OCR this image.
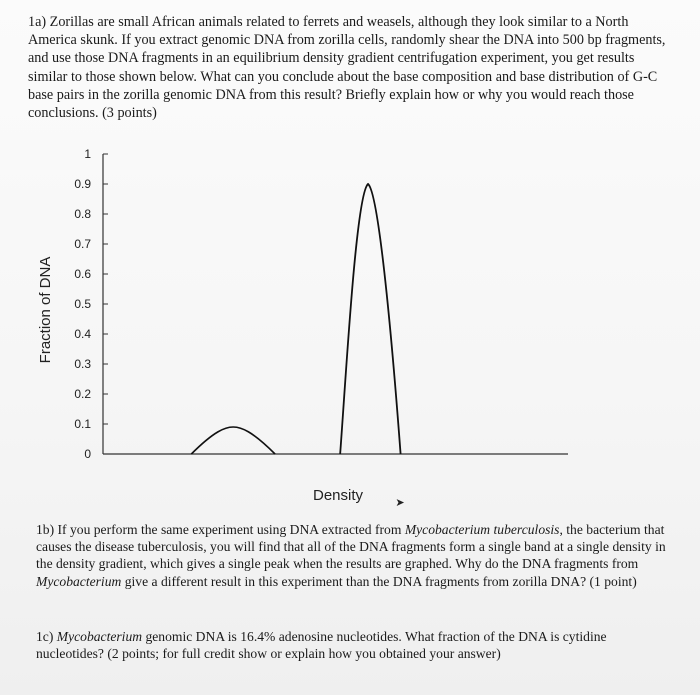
1a) Zorillas are small African animals related to ferrets and weasels, although they look similar to a North America skunk. If you extract genomic DNA from zorilla cells, randomly shear the DNA into 500 bp fragments, and use those DNA fragments in an equilibrium density gradient centrifugation experiment, you get results similar to those shown below. What can you conclude about the base composition and base distribution of G-C base pairs in the zorilla genomic DNA from this result? Briefly explain how or why you would reach those conclusions. (3 points)

0
0.1
0.2
0.3
0.4
0.5
0.6
0.7
0.8
0.9
1
Fraction of DNA
Density	➤

1b) If you perform the same experiment using DNA extracted from Mycobacterium tuberculosis, the bacterium that causes the disease tuberculosis, you will find that all of the DNA fragments form a single band at a single density in the density gradient, which gives a single peak when the results are graphed. Why do the DNA fragments from Mycobacterium give a different result in this experiment than the DNA fragments from zorilla DNA? (1 point)

1c) Mycobacterium genomic DNA is 16.4% adenosine nucleotides. What fraction of the DNA is cytidine nucleotides? (2 points; for full credit show or explain how you obtained your answer)
